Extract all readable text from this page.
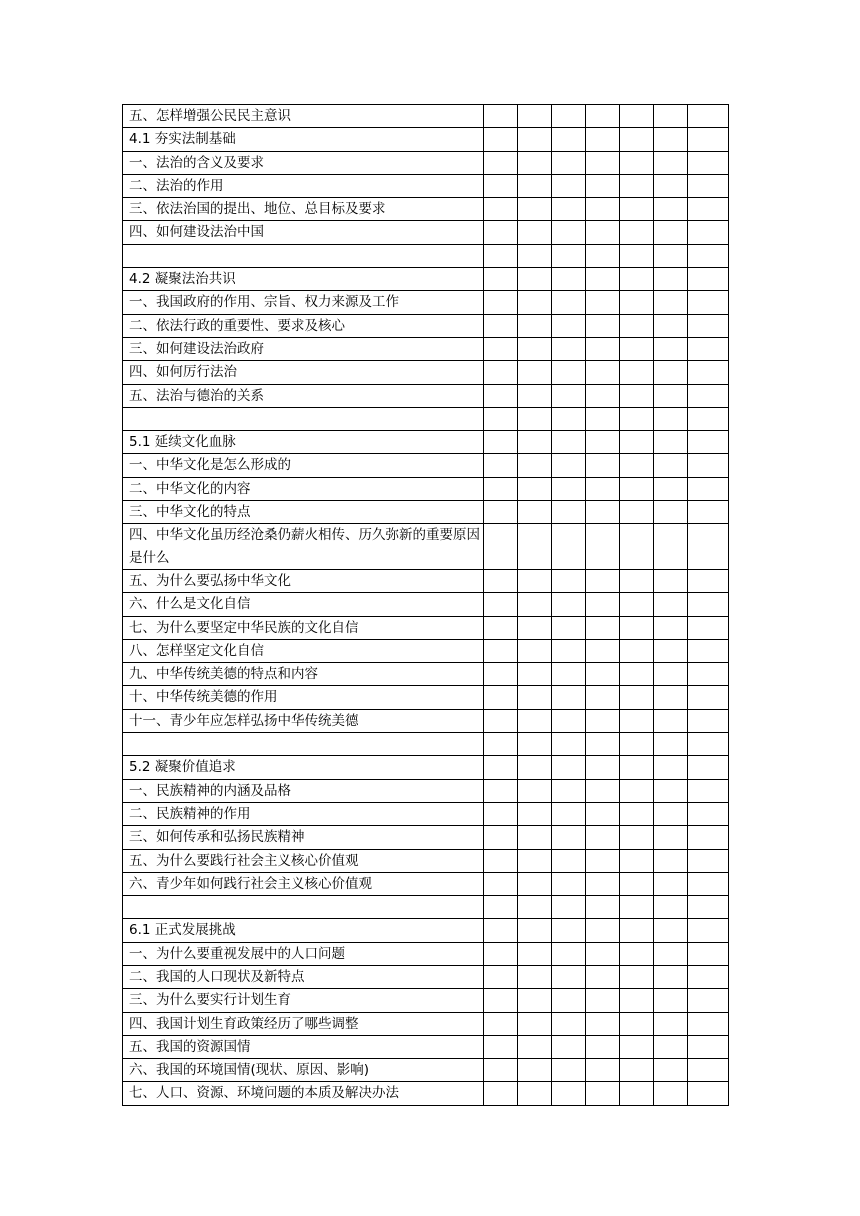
五、怎样增强公民民主意识							
4.1 夯实法制基础							
一、法治的含义及要求							
二、法治的作用							
三、依法治国的提出、地位、总目标及要求							
四、如何建设法治中国							

4.2 凝聚法治共识							
一、我国政府的作用、宗旨、权力来源及工作							
二、依法行政的重要性、要求及核心							
三、如何建设法治政府							
四、如何厉行法治							
五、法治与德治的关系							

5.1 延续文化血脉							
一、中华文化是怎么形成的							
二、中华文化的内容							
三、中华文化的特点							
四、中华文化虽历经沧桑仍薪火相传、历久弥新的重要原因是什么							
五、为什么要弘扬中华文化							
六、什么是文化自信							
七、为什么要坚定中华民族的文化自信							
八、怎样坚定文化自信							
九、中华传统美德的特点和内容							
十、中华传统美德的作用							
十一、青少年应怎样弘扬中华传统美德							

5.2 凝聚价值追求							
一、民族精神的内涵及品格							
二、民族精神的作用							
三、如何传承和弘扬民族精神							
五、为什么要践行社会主义核心价值观							
六、青少年如何践行社会主义核心价值观							

6.1 正式发展挑战							
一、为什么要重视发展中的人口问题							
二、我国的人口现状及新特点							
三、为什么要实行计划生育							
四、我国计划生育政策经历了哪些调整							
五、我国的资源国情							
六、我国的环境国情(现状、原因、影响)							
七、人口、资源、环境问题的本质及解决办法							
